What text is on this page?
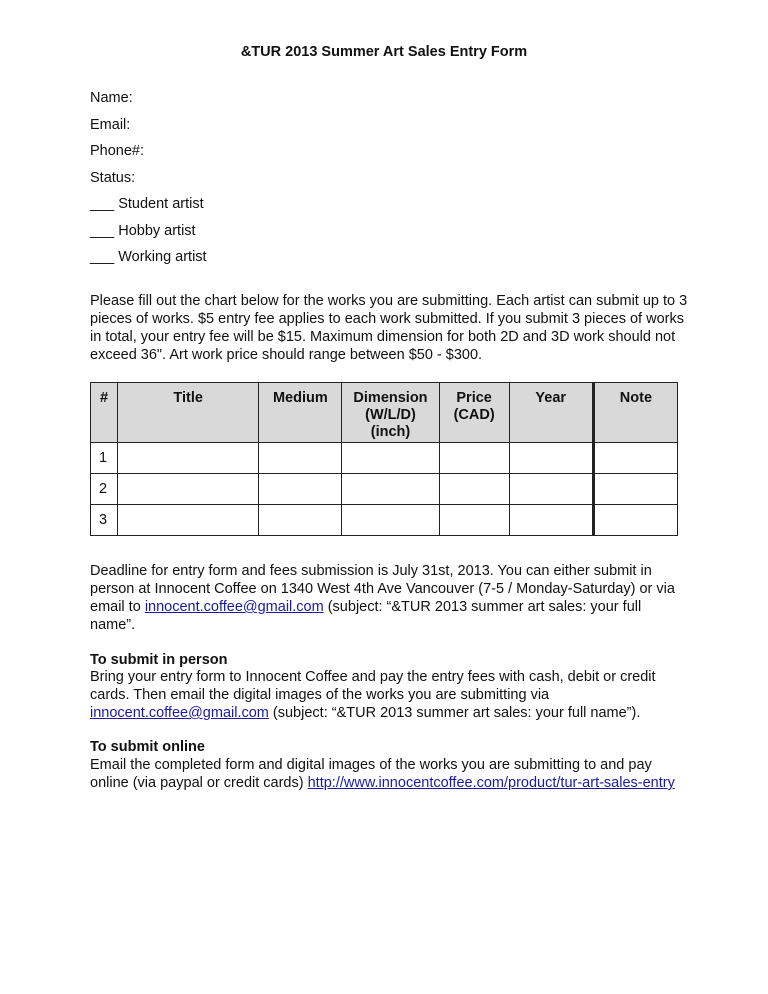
&TUR 2013 Summer Art Sales Entry Form
Name:
Email:
Phone#:
Status:
___ Student artist
___ Hobby artist
___ Working artist
Please fill out the chart below for the works you are submitting. Each artist can submit up to 3 pieces of works. $5 entry fee applies to each work submitted. If you submit 3 pieces of works in total, your entry fee will be $15. Maximum dimension for both 2D and 3D work should not exceed 36". Art work price should range between $50 - $300.
#	Title	Medium	Dimension (W/L/D) (inch)	Price (CAD)	Year	Note
1						
2						
3						
Deadline for entry form and fees submission is July 31st, 2013. You can either submit in person at Innocent Coffee on 1340 West 4th Ave Vancouver (7-5 / Monday-Saturday) or via email to innocent.coffee@gmail.com (subject: “&TUR 2013 summer art sales: your full name”.
To submit in person
Bring your entry form to Innocent Coffee and pay the entry fees with cash, debit or credit cards. Then email the digital images of the works you are submitting via innocent.coffee@gmail.com (subject: “&TUR 2013 summer art sales: your full name”).
To submit online
Email the completed form and digital images of the works you are submitting to and pay online (via paypal or credit cards) http://www.innocentcoffee.com/product/tur-art-sales-entry
